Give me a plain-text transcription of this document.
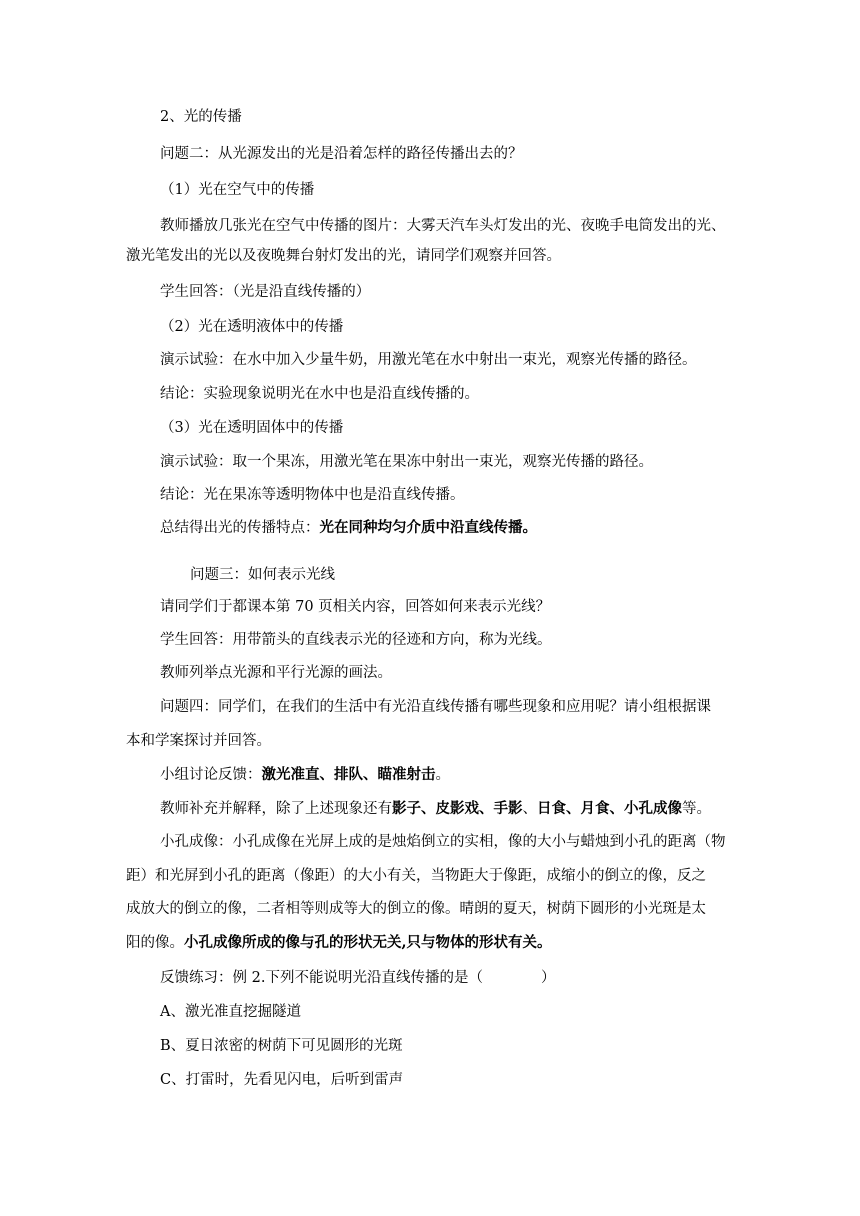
2、光的传播
问题二：从光源发出的光是沿着怎样的路径传播出去的？
（1）光在空气中的传播
教师播放几张光在空气中传播的图片：大雾天汽车头灯发出的光、夜晚手电筒发出的光、
激光笔发出的光以及夜晚舞台射灯发出的光，请同学们观察并回答。
学生回答：（光是沿直线传播的）
（2）光在透明液体中的传播
演示试验：在水中加入少量牛奶，用激光笔在水中射出一束光，观察光传播的路径。
结论：实验现象说明光在水中也是沿直线传播的。
（3）光在透明固体中的传播
演示试验：取一个果冻，用激光笔在果冻中射出一束光，观察光传播的路径。
结论：光在果冻等透明物体中也是沿直线传播。
总结得出光的传播特点：光在同种均匀介质中沿直线传播。
问题三：如何表示光线
请同学们于都课本第 70 页相关内容，回答如何来表示光线？
学生回答：用带箭头的直线表示光的径迹和方向，称为光线。
教师列举点光源和平行光源的画法。
问题四：同学们，在我们的生活中有光沿直线传播有哪些现象和应用呢？请小组根据课
本和学案探讨并回答。
小组讨论反馈：激光准直、排队、瞄准射击。
教师补充并解释，除了上述现象还有影子、皮影戏、手影、日食、月食、小孔成像等。
小孔成像：小孔成像在光屏上成的是烛焰倒立的实相，像的大小与蜡烛到小孔的距离（物
距）和光屏到小孔的距离（像距）的大小有关，当物距大于像距，成缩小的倒立的像，反之
成放大的倒立的像，二者相等则成等大的倒立的像。晴朗的夏天，树荫下圆形的小光斑是太
阳的像。小孔成像所成的像与孔的形状无关,只与物体的形状有关。
反馈练习：例 2.下列不能说明光沿直线传播的是（　　　　）
A、激光准直挖掘隧道
B、夏日浓密的树荫下可见圆形的光斑
C、打雷时，先看见闪电，后听到雷声
